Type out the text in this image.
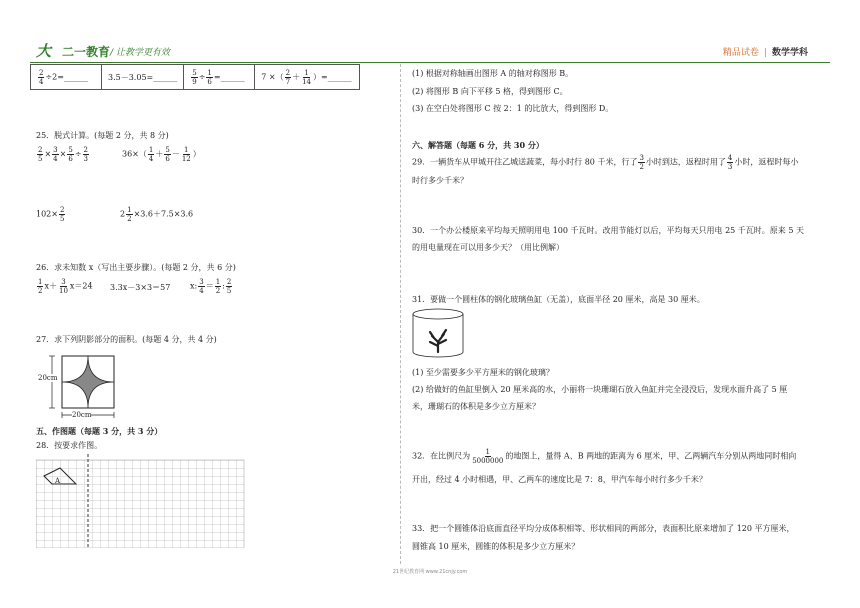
大 二一教育 / 让教学更有效	精品试卷 | 数学学科
$\frac{2}{4}$ ÷2=______	3.5－3.05=______	$\frac{5}{9} \div \frac{1}{6}$ =______	7 ×（ $\frac{2}{7} + \frac{1}{14}$ ）=______
25．脱式计算。(每题 2 分，共 8 分)
$\frac{2}{5} \times \frac{3}{4} \times \frac{5}{6} \div \frac{2}{3}$	$36\times( \frac{1}{4} + \frac{5}{6} - \frac{1}{12}$ ）
$102\times \frac{2}{5}$	$2 \frac{1}{2} \times 3.6+7.5\times 3.6$
26．求未知数 x（写出主要步骤）。(每题 2 分，共 6 分)
$\frac{1}{2} x+ \frac{3}{10} x=24$ 3.3x－3×3＝57 x: $\frac{3}{4} = \frac{1}{2}$ : $\frac{2}{5}$
27．求下列阴影部分的面积。(每题 4 分，共 4 分)
20cm
20cm
五、作图题（每题 3 分，共 3 分）
28．按要求作图。
A
(1) 根据对称轴画出图形 A 的轴对称图形 B。
(2) 将图形 B 向下平移 5 格，得到图形 C。
(3) 在空白处将图形 C 按 2：1 的比放大，得到图形 D。
六、解答题（每题 6 分，共 30 分）
29．一辆货车从甲城开往乙城送蔬菜，每小时行 80 千米，行了 $\frac{3}{2}$ 小时到达，返程时用了 $\frac{4}{3}$ 小时，返程时每小
时行多少千米？
30．一个办公楼原来平均每天照明用电 100 千瓦时。改用节能灯以后，平均每天只用电 25 千瓦时。原来 5 天
的用电量现在可以用多少天？（用比例解）
31．要做一个圆柱体的钢化玻璃鱼缸（无盖），底面半径 20 厘米，高是 30 厘米。
(1) 至少需要多少平方厘米的钢化玻璃？
(2) 给做好的鱼缸里倒入 20 厘米高的水，小丽将一块珊瑚石放入鱼缸并完全浸没后，发现水面升高了 5 厘
米，珊瑚石的体积是多少立方厘米？
32．在比例尺为 $\frac{1}{5000000}$ 的地图上，量得 A、B 两地的距离为 6 厘米，甲、乙两辆汽车分别从两地同时相向
开出，经过 4 小时相遇，甲、乙两车的速度比是 7：8，甲汽车每小时行多少千米？
33．把一个圆锥体沿底面直径平均分成体积相等、形状相同的两部分，表面积比原来增加了 120 平方厘米，
圆锥高 10 厘米，圆锥的体积是多少立方厘米？
21世纪教育网 www.21cnjy.com
